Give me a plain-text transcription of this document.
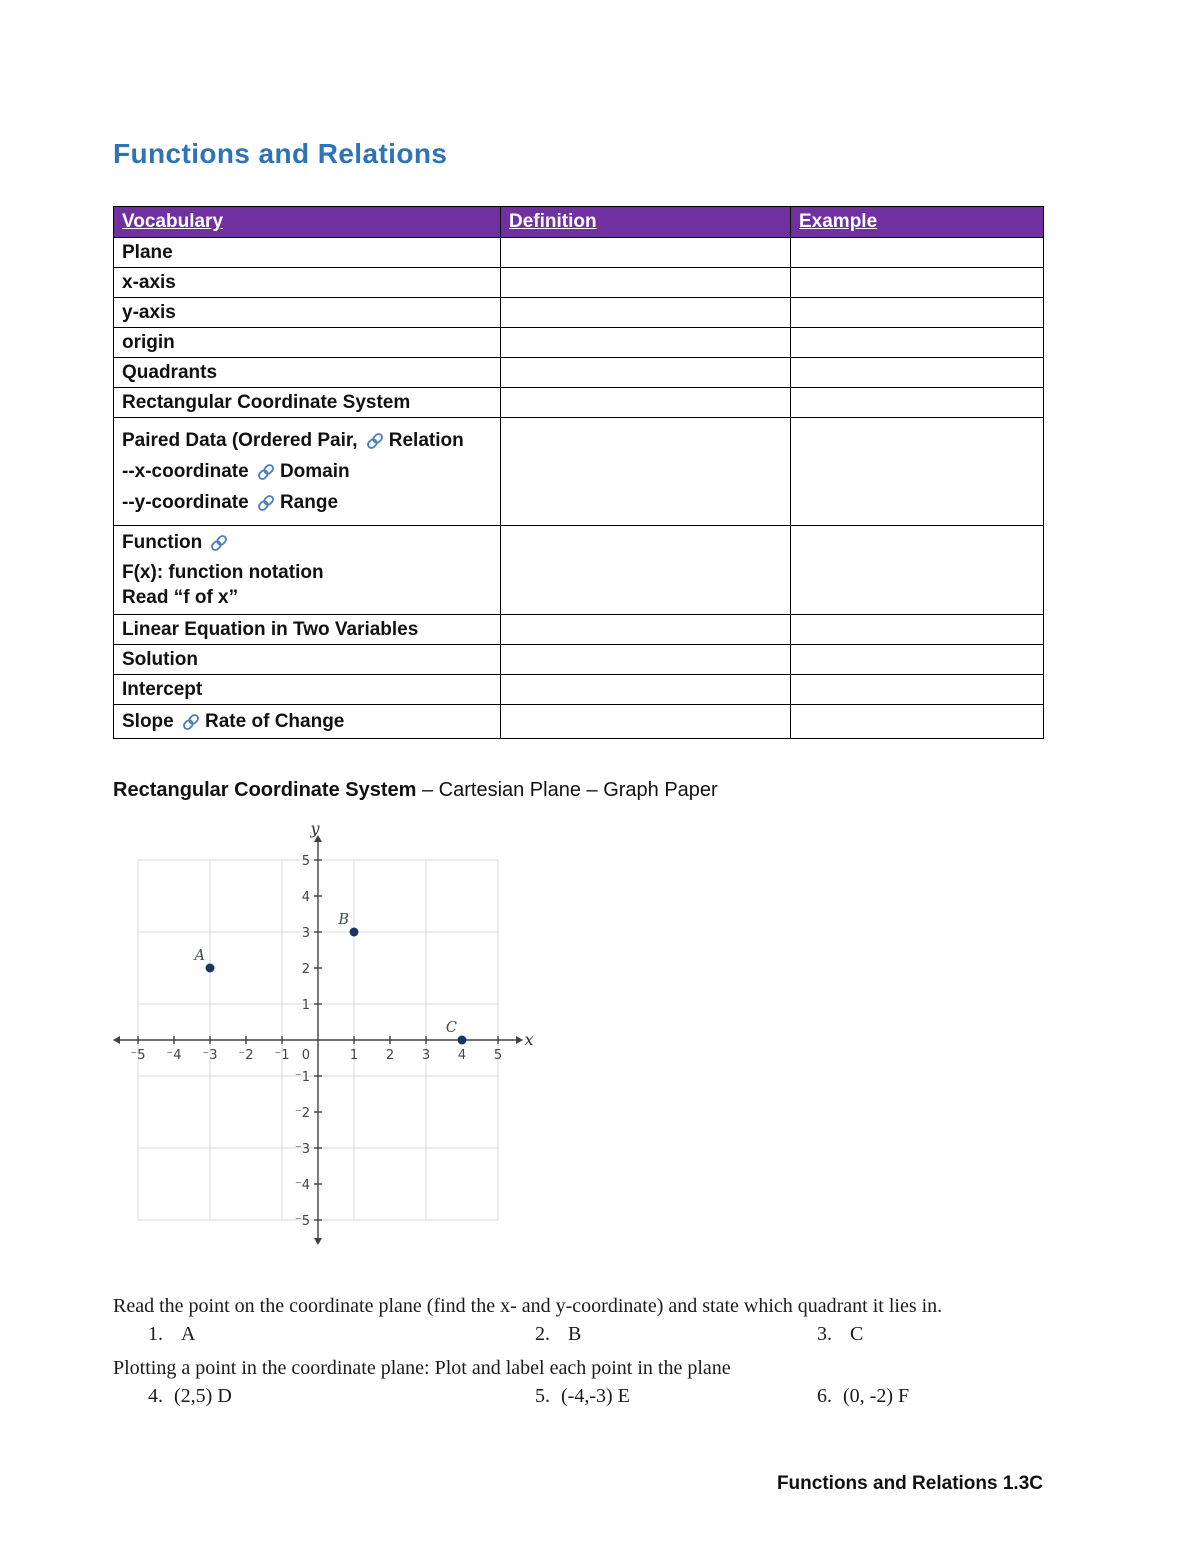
Functions and Relations
Vocabulary	Definition	Example

Plane		

x-axis		

y-axis		

origin		

Quadrants		

Rectangular Coordinate System		

Paired Data (Ordered Pair, Relation
--x-coordinate Domain
--y-coordinate Range		

Function
F(x): function notation
Read “f of x”		

Linear Equation in Two Variables		

Solution		

Intercept		

Slope Rate of Change		

Rectangular Coordinate System – Cartesian Plane – Graph Paper
⁻5
⁻5
⁻4
⁻4
⁻3
⁻3
⁻2
⁻2
⁻1
⁻1
1
1
2
2
3
3
4
4
5
5
0
x
y
A
B
C

Read the point on the coordinate plane (find the x- and y-coordinate) and state which quadrant it lies in.

1. A	2. B	3. C

Plotting a point in the coordinate plane: Plot and label each point in the plane

4. (2,5) D	5. (-4,-3) E	6. (0, -2) F
Functions and Relations 1.3C
